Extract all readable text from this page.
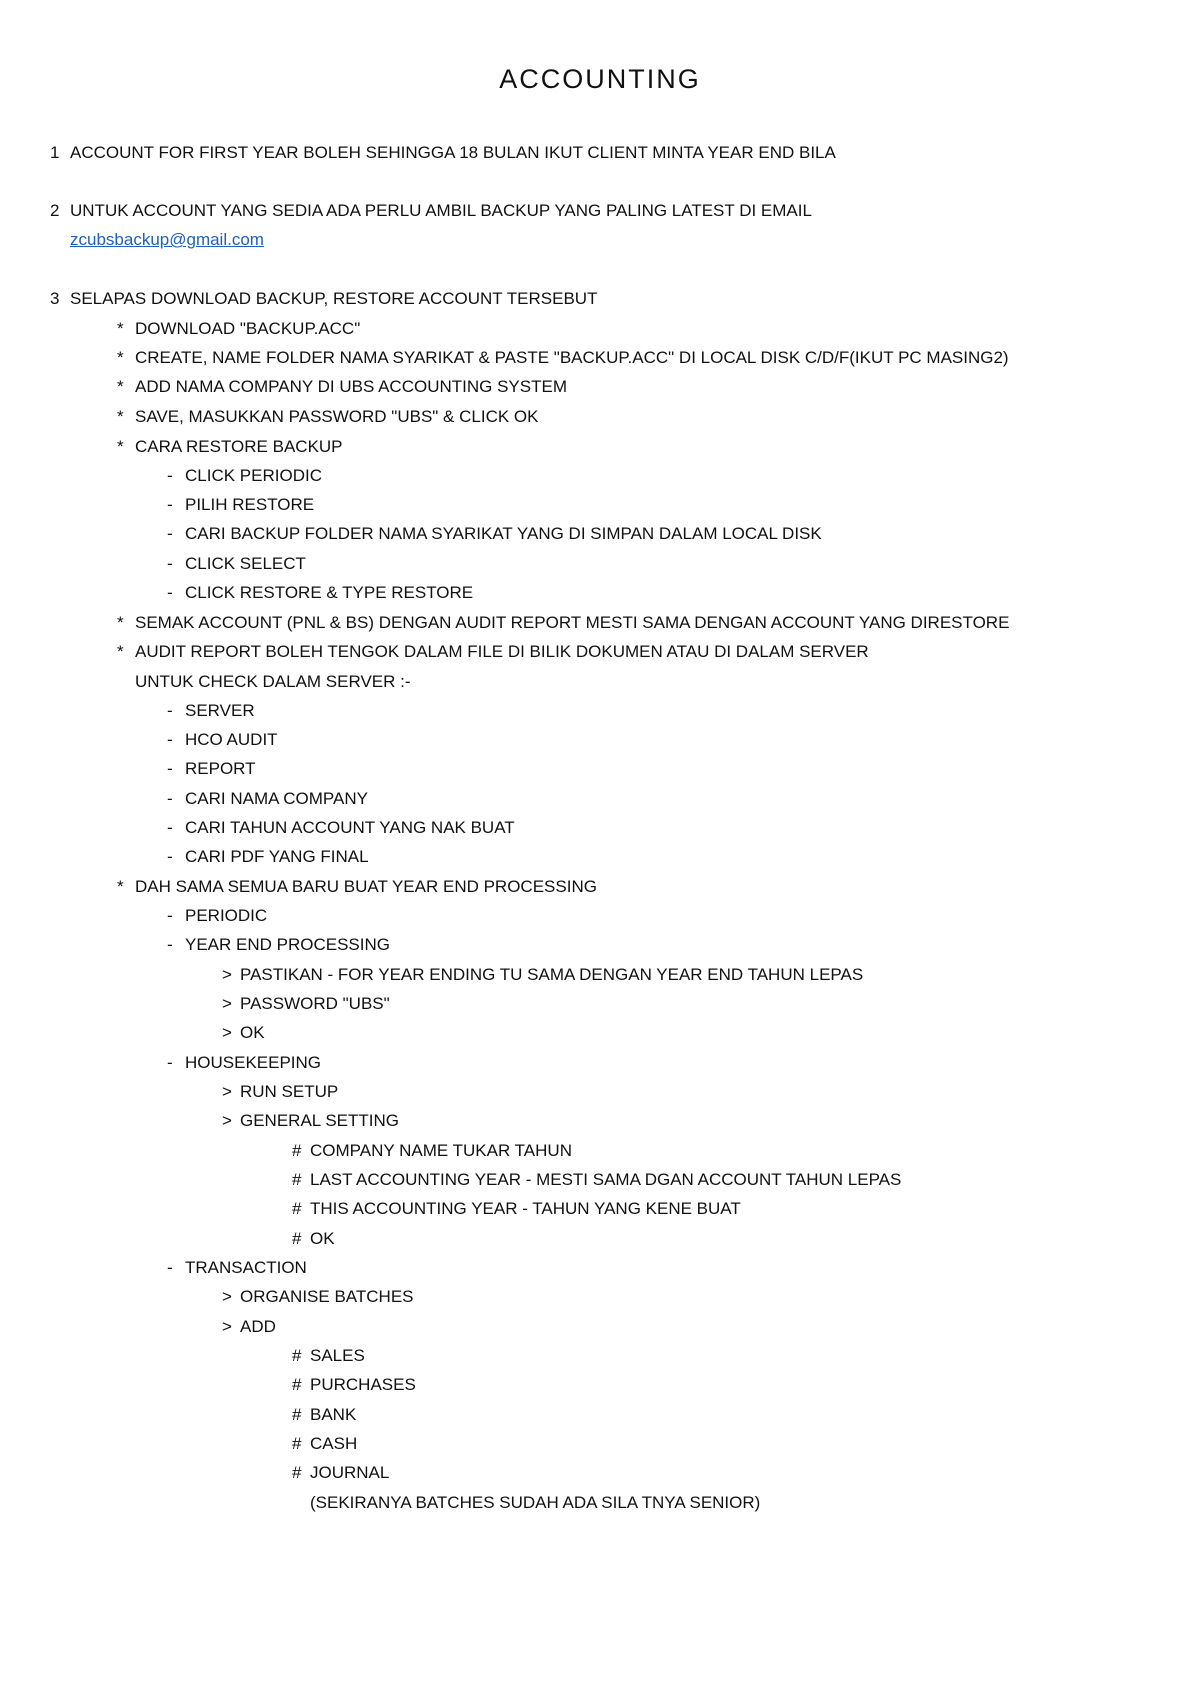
ACCOUNTING
1 ACCOUNT FOR FIRST YEAR BOLEH SEHINGGA 18 BULAN IKUT CLIENT MINTA YEAR END BILA
2 UNTUK ACCOUNT YANG SEDIA ADA PERLU AMBIL BACKUP YANG PALING LATEST DI EMAIL
zcubsbackup@gmail.com
3 SELAPAS DOWNLOAD BACKUP, RESTORE ACCOUNT TERSEBUT
* DOWNLOAD "BACKUP.ACC"
* CREATE, NAME FOLDER NAMA SYARIKAT & PASTE "BACKUP.ACC" DI LOCAL DISK C/D/F(IKUT PC MASING2)
* ADD NAMA COMPANY DI UBS ACCOUNTING SYSTEM
* SAVE, MASUKKAN PASSWORD "UBS" & CLICK OK
* CARA RESTORE BACKUP
- CLICK PERIODIC
- PILIH RESTORE
- CARI BACKUP FOLDER NAMA SYARIKAT YANG DI SIMPAN DALAM LOCAL DISK
- CLICK SELECT
- CLICK RESTORE & TYPE RESTORE
* SEMAK ACCOUNT (PNL & BS) DENGAN AUDIT REPORT MESTI SAMA DENGAN ACCOUNT YANG DIRESTORE
* AUDIT REPORT BOLEH TENGOK DALAM FILE DI BILIK DOKUMEN ATAU DI DALAM SERVER
UNTUK CHECK DALAM SERVER :-
- SERVER
- HCO AUDIT
- REPORT
- CARI NAMA COMPANY
- CARI TAHUN ACCOUNT YANG NAK BUAT
- CARI PDF YANG FINAL
* DAH SAMA SEMUA BARU BUAT YEAR END PROCESSING
- PERIODIC
- YEAR END PROCESSING
> PASTIKAN - FOR YEAR ENDING TU SAMA DENGAN YEAR END TAHUN LEPAS
> PASSWORD "UBS"
> OK
- HOUSEKEEPING
> RUN SETUP
> GENERAL SETTING
# COMPANY NAME TUKAR TAHUN
# LAST ACCOUNTING YEAR - MESTI SAMA DGAN ACCOUNT TAHUN LEPAS
# THIS ACCOUNTING YEAR - TAHUN YANG KENE BUAT
# OK
- TRANSACTION
> ORGANISE BATCHES
> ADD
# SALES
# PURCHASES
# BANK
# CASH
# JOURNAL
(SEKIRANYA BATCHES SUDAH ADA SILA TNYA SENIOR)
